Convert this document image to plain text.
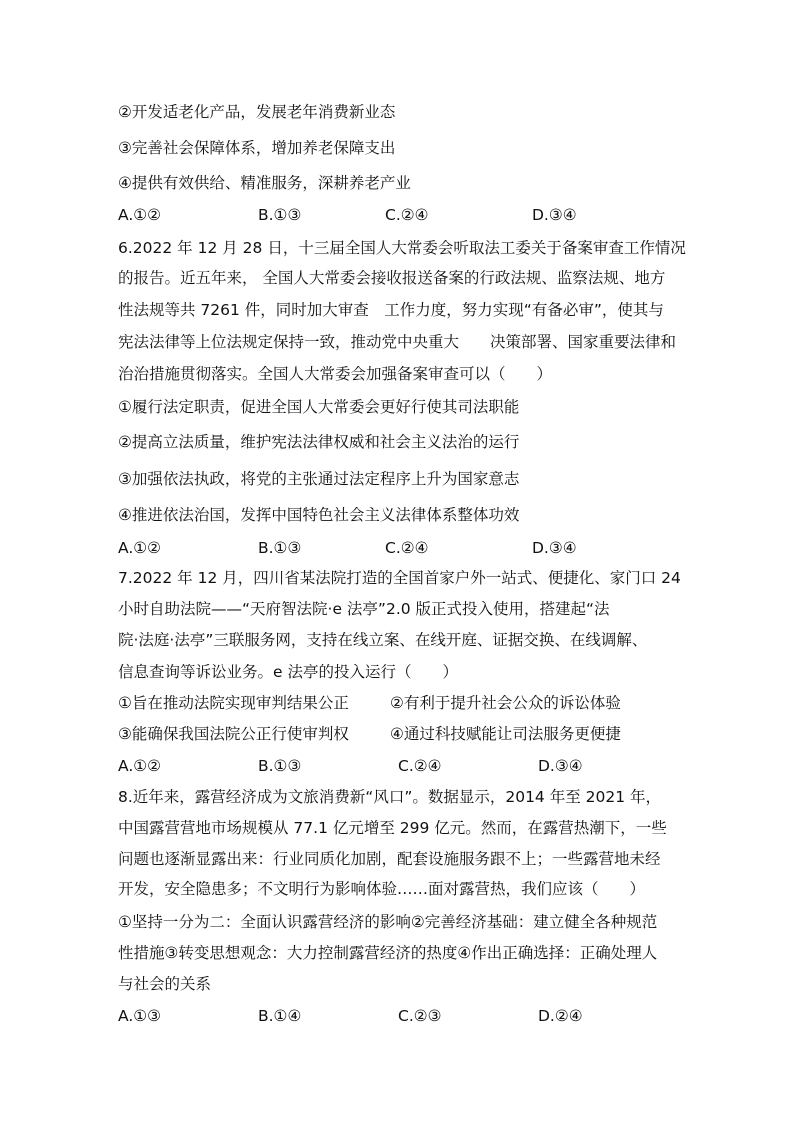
②开发适老化产品，发展老年消费新业态
③完善社会保障体系，增加养老保障支出
④提供有效供给、精准服务，深耕养老产业
A.①②	B.①③	C.②④	D.③④
6.2022 年 12 月 28 日，十三届全国人大常委会听取法工委关于备案审查工作情况
的报告。近五年来， 全国人大常委会接收报送备案的行政法规、监察法规、地方
性法规等共 7261 件，同时加大审查　工作力度，努力实现“有备必审”，使其与
宪法法律等上位法规定保持一致，推动党中央重大　　决策部署、国家重要法律和
治治措施贯彻落实。全国人大常委会加强备案审查可以（　　）
①履行法定职责，促进全国人大常委会更好行使其司法职能
②提高立法质量，维护宪法法律权威和社会主义法治的运行
③加强依法执政，将党的主张通过法定程序上升为国家意志
④推进依法治国，发挥中国特色社会主义法律体系整体功效
A.①②	B.①③	C.②④	D.③④
7.2022 年 12 月，四川省某法院打造的全国首家户外一站式、便捷化、家门口 24
小时自助法院——“天府智法院·e 法亭”2.0 版正式投入使用，搭建起“法
院·法庭·法亭”三联服务网，支持在线立案、在线开庭、证据交换、在线调解、
信息查询等诉讼业务。e 法亭的投入运行（　　）
①旨在推动法院实现审判结果公正	②有利于提升社会公众的诉讼体验
③能确保我国法院公正行使审判权	④通过科技赋能让司法服务更便捷
A.①②	B.①③	C.②④	D.③④
8.近年来，露营经济成为文旅消费新“风口”。数据显示，2014 年至 2021 年，
中国露营营地市场规模从 77.1 亿元增至 299 亿元。然而，在露营热潮下，一些
问题也逐渐显露出来：行业同质化加剧，配套设施服务跟不上；一些露营地未经
开发，安全隐患多；不文明行为影响体验……面对露营热，我们应该（　　）
①坚持一分为二：全面认识露营经济的影响②完善经济基础：建立健全各种规范
性措施③转变思想观念：大力控制露营经济的热度④作出正确选择：正确处理人
与社会的关系
A.①③	B.①④	C.②③	D.②④
